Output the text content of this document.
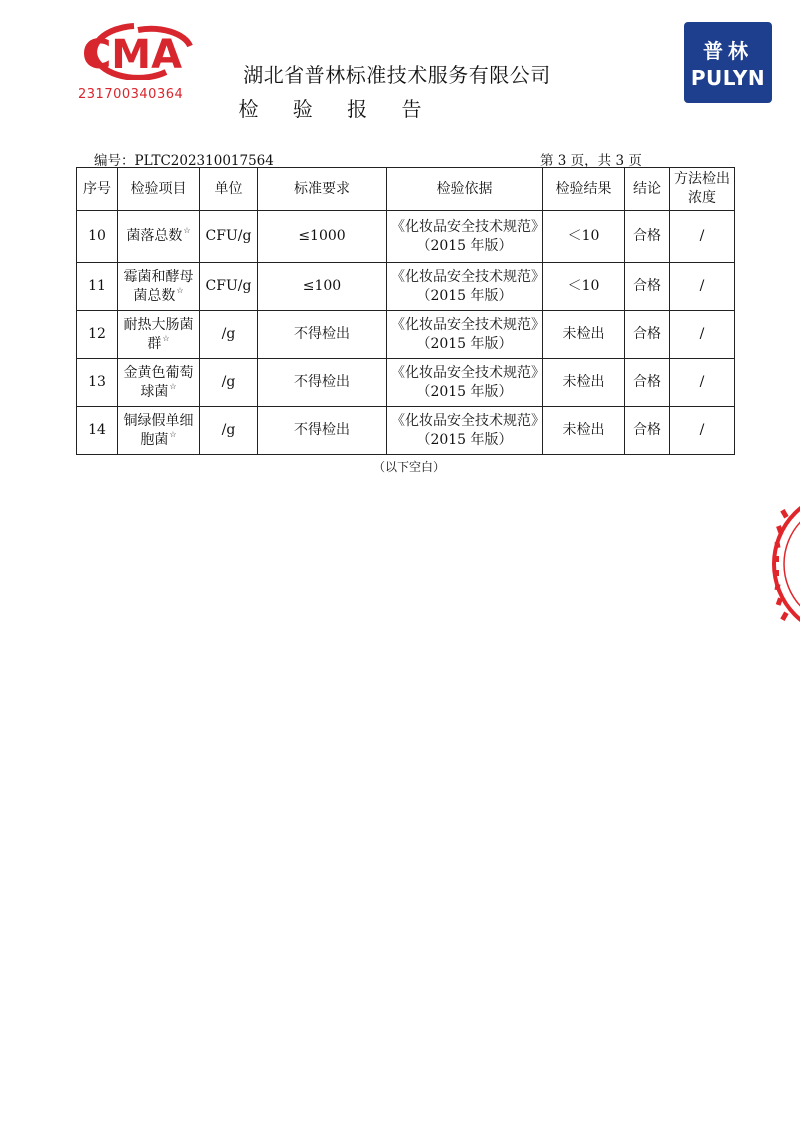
CMA
231700340364
湖北省普林标准技术服务有限公司
检 验 报 告
普林
PULYN
编号：PLTC202310017564	第 3 页，共 3 页
序号	检验项目	单位	标准要求	检验依据	检验结果	结论	方法检出浓度
10	菌落总数☆	CFU/g	≤1000	《化妆品安全技术规范》（2015 年版）	＜10	合格	/
11	霉菌和酵母菌总数☆	CFU/g	≤100	《化妆品安全技术规范》（2015 年版）	＜10	合格	/
12	耐热大肠菌群☆	/g	不得检出	《化妆品安全技术规范》（2015 年版）	未检出	合格	/
13	金黄色葡萄球菌☆	/g	不得检出	《化妆品安全技术规范》（2015 年版）	未检出	合格	/
14	铜绿假单细胞菌☆	/g	不得检出	《化妆品安全技术规范》（2015 年版）	未检出	合格	/
（以下空白）
